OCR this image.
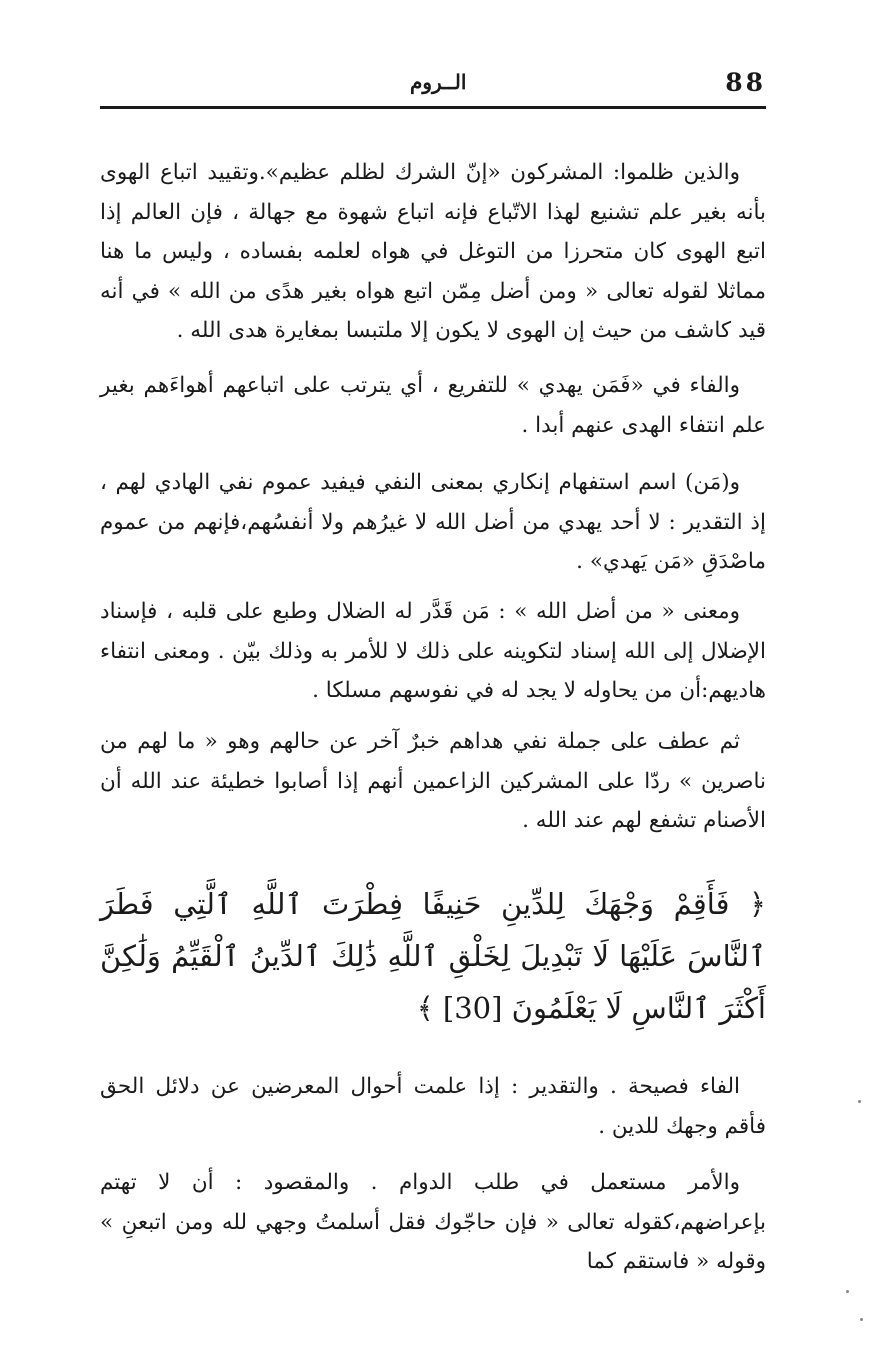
88
الــروم

والذين ظلموا: المشركون «إنّ الشرك لظلم عظيم».وتقييد اتباع الهوى بأنه بغير علم تشنيع لهذا الاتّباع فإنه اتباع شهوة مع جهالة ، فإن العالم إذا اتبع الهوى كان متحرزا من التوغل في هواه لعلمه بفساده ، وليس ما هنا مماثلا لقوله تعالى « ومن أضل مِمّن اتبع هواه بغير هدًى من الله » في أنه قيد كاشف من حيث إن الهوى لا يكون إلا ملتبسا بمغايرة هدى الله .

والفاء في «فَمَن يهدي » للتفريع ، أي يترتب على اتباعهم أهواءَهم بغير علم انتفاء الهدى عنهم أبدا .

و(مَن) اسم استفهام إنكاري بمعنى النفي فيفيد عموم نفي الهادي لهم ، إذ التقدير : لا أحد يهدي من أضل الله لا غيرُهم ولا أنفسُهم،فإنهم من عموم ماصْدَقِ «مَن يَهدي» .

ومعنى « من أضل الله » : مَن قَدَّر له الضلال وطبع على قلبه ، فإسناد الإضلال إلى الله إسناد لتكوينه على ذلك لا للأمر به وذلك بيّن . ومعنى انتفاء هاديهم:أن من يحاوله لا يجد له في نفوسهم مسلكا .

ثم عطف على جملة نفي هداهم خبرٌ آخر عن حالهم وهو « ما لهم من ناصرين » ردّا على المشركين الزاعمين أنهم إذا أصابوا خطيئة عند الله أن الأصنام تشفع لهم عند الله .

﴿ فَأَقِمْ وَجْهَكَ لِلدِّينِ حَنِيفًا فِطْرَتَ ٱللَّهِ ٱلَّتِي فَطَرَ ٱلنَّاسَ عَلَيْهَا لَا تَبْدِيلَ لِخَلْقِ ٱللَّهِ ذَٰلِكَ ٱلدِّينُ ٱلْقَيِّمُ وَلَٰكِنَّ أَكْثَرَ ٱلنَّاسِ لَا يَعْلَمُونَ [30] ﴾

الفاء فصيحة . والتقدير : إذا علمت أحوال المعرضين عن دلائل الحق فأقم وجهك للدين .

والأمر مستعمل في طلب الدوام . والمقصود : أن لا تهتم بإعراضهم،كقوله تعالى « فإن حاجّوك فقل أسلمتُ وجهي لله ومن اتبعنِ » وقوله « فاستقم كما
